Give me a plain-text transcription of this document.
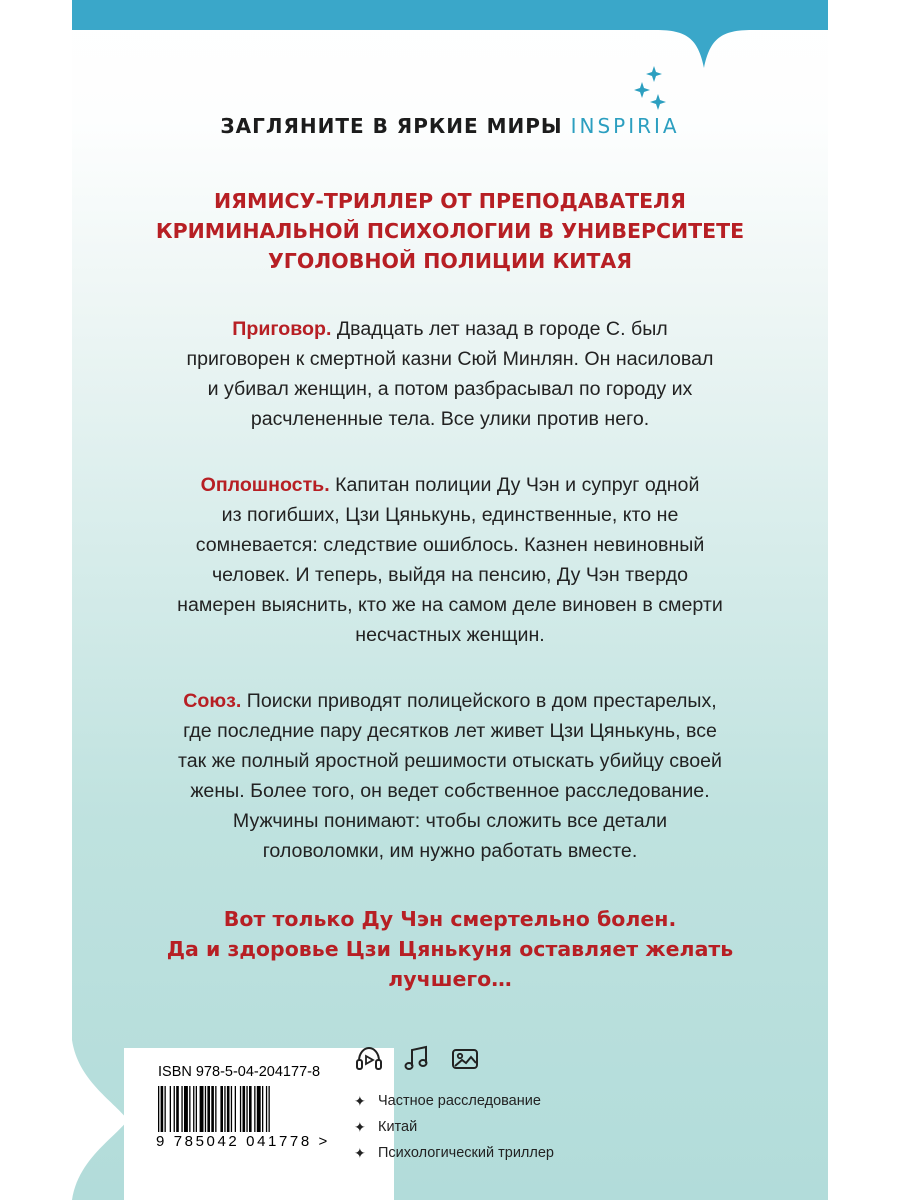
ЗАГЛЯНИТЕ В ЯРКИЕ МИРЫ INSPIRIA
ИЯМИСУ-ТРИЛЛЕР ОТ ПРЕПОДАВАТЕЛЯ
КРИМИНАЛЬНОЙ ПСИХОЛОГИИ В УНИВЕРСИТЕТЕ
УГОЛОВНОЙ ПОЛИЦИИ КИТАЯ
Приговор. Двадцать лет назад в городе С. был
приговорен к смертной казни Сюй Минлян. Он насиловал
и убивал женщин, а потом разбрасывал по городу их
расчлененные тела. Все улики против него.
Оплошность. Капитан полиции Ду Чэн и супруг одной
из погибших, Цзи Цянькунь, единственные, кто не
сомневается: следствие ошиблось. Казнен невиновный
человек. И теперь, выйдя на пенсию, Ду Чэн твердо
намерен выяснить, кто же на самом деле виновен в смерти
несчастных женщин.
Союз. Поиски приводят полицейского в дом престарелых,
где последние пару десятков лет живет Цзи Цянькунь, все
так же полный яростной решимости отыскать убийцу своей
жены. Более того, он ведет собственное расследование.
Мужчины понимают: чтобы сложить все детали
головоломки, им нужно работать вместе.
Вот только Ду Чэн смертельно болен.
Да и здоровье Цзи Цянькуня оставляет желать
лучшего…
ISBN 978-5-04-204177-8
9 785042 041778 >
✦ Частное расследование
✦ Китай
✦ Психологический триллер
